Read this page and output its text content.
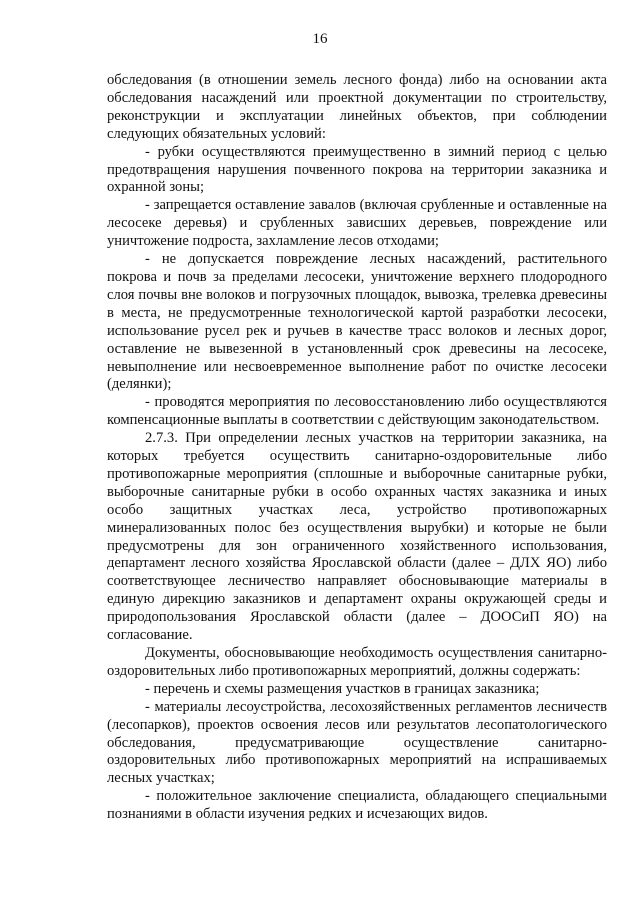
16

обследования (в отношении земель лесного фонда) либо на основании акта обследования насаждений или проектной документации по строительству, реконструкции и эксплуатации линейных объектов, при соблюдении следующих обязательных условий:

- рубки осуществляются преимущественно в зимний период с целью предотвращения нарушения почвенного покрова на территории заказника и охранной зоны;

- запрещается оставление завалов (включая срубленные и оставленные на лесосеке деревья) и срубленных зависших деревьев, повреждение или уничтожение подроста, захламление лесов отходами;

- не допускается повреждение лесных насаждений, растительного покрова и почв за пределами лесосеки, уничтожение верхнего плодородного слоя почвы вне волоков и погрузочных площадок, вывозка, трелевка древесины в места, не предусмотренные технологической картой разработки лесосеки, использование русел рек и ручьев в качестве трасс волоков и лесных дорог, оставление не вывезенной в установленный срок древесины на лесосеке, невыполнение или несвоевременное выполнение работ по очистке лесосеки (делянки);

- проводятся мероприятия по лесовосстановлению либо осуществляются компенсационные выплаты в соответствии с действующим законодательством.

2.7.3. При определении лесных участков на территории заказника, на которых требуется осуществить санитарно-оздоровительные либо противопожарные мероприятия (сплошные и выборочные санитарные рубки, выборочные санитарные рубки в особо охранных частях заказника и иных особо защитных участках леса, устройство противопожарных минерализованных полос без осуществления вырубки) и которые не были предусмотрены для зон ограниченного хозяйственного использования, департамент лесного хозяйства Ярославской области (далее – ДЛХ ЯО) либо соответствующее лесничество направляет обосновывающие материалы в единую дирекцию заказников и департамент охраны окружающей среды и природопользования Ярославской области (далее – ДООСиП ЯО) на согласование.

Документы, обосновывающие необходимость осуществления санитарно-оздоровительных либо противопожарных мероприятий, должны содержать:

- перечень и схемы размещения участков в границах заказника;

- материалы лесоустройства, лесохозяйственных регламентов лесничеств (лесопарков), проектов освоения лесов или результатов лесопатологического обследования, предусматривающие осуществление санитарно-оздоровительных либо противопожарных мероприятий на испрашиваемых лесных участках;

- положительное заключение специалиста, обладающего специальными познаниями в области изучения редких и исчезающих видов.
